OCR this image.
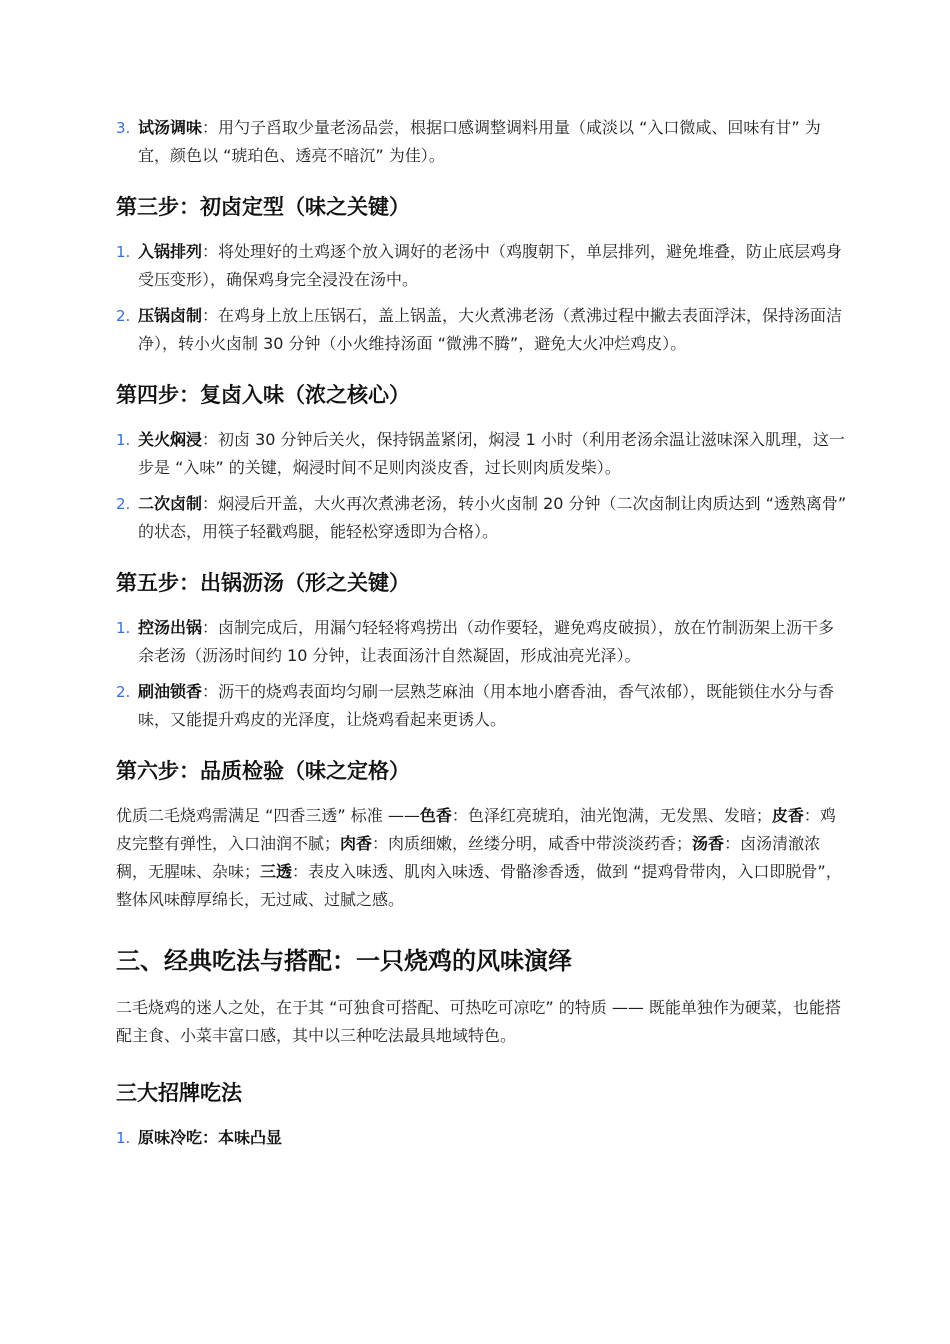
3. 试汤调味：用勺子舀取少量老汤品尝，根据口感调整调料用量（咸淡以 “入口微咸、回味有甘” 为宜，颜色以 “琥珀色、透亮不暗沉” 为佳）。
第三步：初卤定型（味之关键）
1. 入锅排列：将处理好的土鸡逐个放入调好的老汤中（鸡腹朝下，单层排列，避免堆叠，防止底层鸡身受压变形），确保鸡身完全浸没在汤中。
2. 压锅卤制：在鸡身上放上压锅石，盖上锅盖，大火煮沸老汤（煮沸过程中撇去表面浮沫，保持汤面洁净），转小火卤制 30 分钟（小火维持汤面 “微沸不腾”，避免大火冲烂鸡皮）。
第四步：复卤入味（浓之核心）
1. 关火焖浸：初卤 30 分钟后关火，保持锅盖紧闭，焖浸 1 小时（利用老汤余温让滋味深入肌理，这一步是 “入味” 的关键，焖浸时间不足则肉淡皮香，过长则肉质发柴）。
2. 二次卤制：焖浸后开盖，大火再次煮沸老汤，转小火卤制 20 分钟（二次卤制让肉质达到 “透熟离骨” 的状态，用筷子轻戳鸡腿，能轻松穿透即为合格）。
第五步：出锅沥汤（形之关键）
1. 控汤出锅：卤制完成后，用漏勺轻轻将鸡捞出（动作要轻，避免鸡皮破损），放在竹制沥架上沥干多余老汤（沥汤时间约 10 分钟，让表面汤汁自然凝固，形成油亮光泽）。
2. 刷油锁香：沥干的烧鸡表面均匀刷一层熟芝麻油（用本地小磨香油，香气浓郁），既能锁住水分与香味，又能提升鸡皮的光泽度，让烧鸡看起来更诱人。
第六步：品质检验（味之定格）

优质二毛烧鸡需满足 “四香三透” 标准 ——色香：色泽红亮琥珀，油光饱满，无发黑、发暗；皮香：鸡皮完整有弹性，入口油润不腻；肉香：肉质细嫩，丝缕分明，咸香中带淡淡药香；汤香：卤汤清澈浓稠，无腥味、杂味；三透：表皮入味透、肌肉入味透、骨骼渗香透，做到 “提鸡骨带肉，入口即脱骨”，整体风味醇厚绵长，无过咸、过腻之感。

三、经典吃法与搭配：一只烧鸡的风味演绎

二毛烧鸡的迷人之处，在于其 “可独食可搭配、可热吃可凉吃” 的特质 —— 既能单独作为硬菜，也能搭配主食、小菜丰富口感，其中以三种吃法最具地域特色。

三大招牌吃法
1. 原味冷吃：本味凸显
